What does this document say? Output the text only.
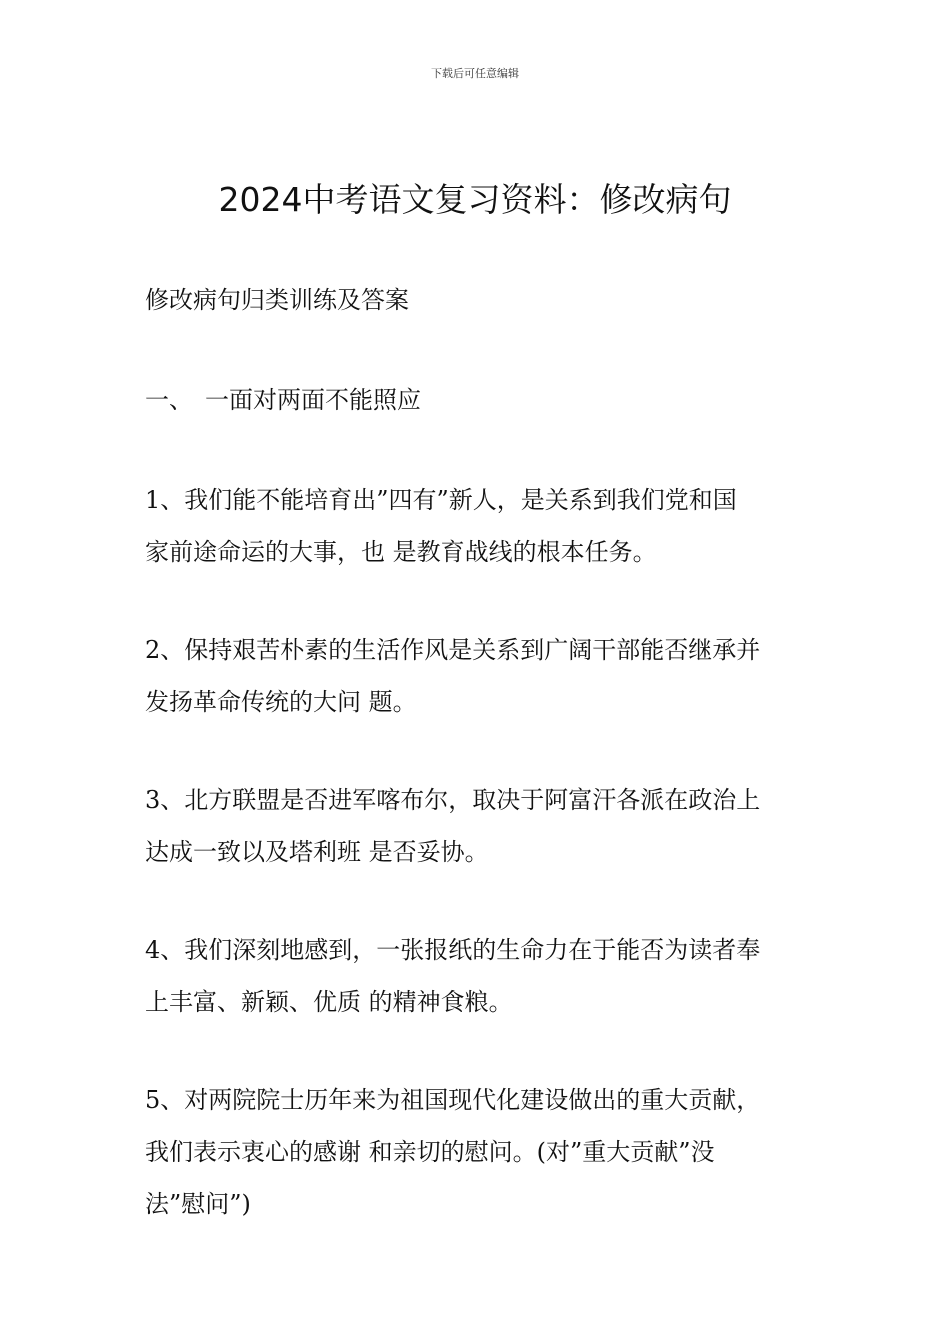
下载后可任意编辑
2024中考语文复习资料：修改病句

修改病句归类训练及答案

一、　一面对两面不能照应

1、我们能不能培育出”四有”新人，是关系到我们党和国
家前途命运的大事，也 是教育战线的根本任务。
2、保持艰苦朴素的生活作风是关系到广阔干部能否继承并
发扬革命传统的大问 题。
3、北方联盟是否进军喀布尔，取决于阿富汗各派在政治上
达成一致以及塔利班 是否妥协。
4、我们深刻地感到，一张报纸的生命力在于能否为读者奉
上丰富、新颖、优质 的精神食粮。
5、对两院院士历年来为祖国现代化建设做出的重大贡献，
我们表示衷心的感谢 和亲切的慰问。(对”重大贡献”没
法”慰问”)
